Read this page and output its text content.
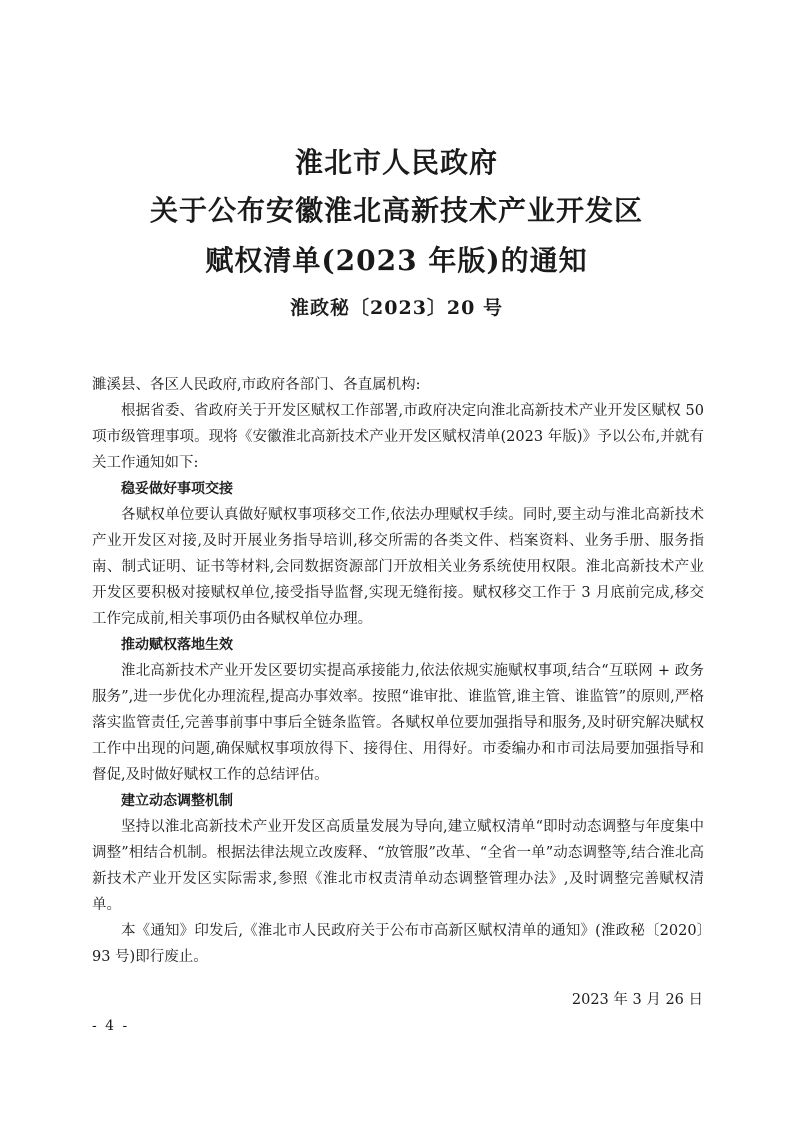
淮北市人民政府
关于公布安徽淮北高新技术产业开发区
赋权清单(2023 年版)的通知
淮政秘〔2023〕20 号

濉溪县、各区人民政府,市政府各部门、各直属机构:

根据省委、省政府关于开发区赋权工作部署,市政府决定向淮北高新技术产业开发区赋权 50 项市级管理事项。现将《安徽淮北高新技术产业开发区赋权清单(2023 年版)》予以公布,并就有关工作通知如下:

稳妥做好事项交接

各赋权单位要认真做好赋权事项移交工作,依法办理赋权手续。同时,要主动与淮北高新技术产业开发区对接,及时开展业务指导培训,移交所需的各类文件、档案资料、业务手册、服务指南、制式证明、证书等材料,会同数据资源部门开放相关业务系统使用权限。淮北高新技术产业开发区要积极对接赋权单位,接受指导监督,实现无缝衔接。赋权移交工作于 3 月底前完成,移交工作完成前,相关事项仍由各赋权单位办理。

推动赋权落地生效

淮北高新技术产业开发区要切实提高承接能力,依法依规实施赋权事项,结合“互联网 + 政务服务”,进一步优化办理流程,提高办事效率。按照“谁审批、谁监管,谁主管、谁监管”的原则,严格落实监管责任,完善事前事中事后全链条监管。各赋权单位要加强指导和服务,及时研究解决赋权工作中出现的问题,确保赋权事项放得下、接得住、用得好。市委编办和市司法局要加强指导和督促,及时做好赋权工作的总结评估。

建立动态调整机制

坚持以淮北高新技术产业开发区高质量发展为导向,建立赋权清单“即时动态调整与年度集中调整”相结合机制。根据法律法规立改废释、“放管服”改革、“全省一单”动态调整等,结合淮北高新技术产业开发区实际需求,参照《淮北市权责清单动态调整管理办法》,及时调整完善赋权清单。

本《通知》印发后,《淮北市人民政府关于公布市高新区赋权清单的通知》(淮政秘〔2020〕93 号)即行废止。

2023 年 3 月 26 日
- 4 -
